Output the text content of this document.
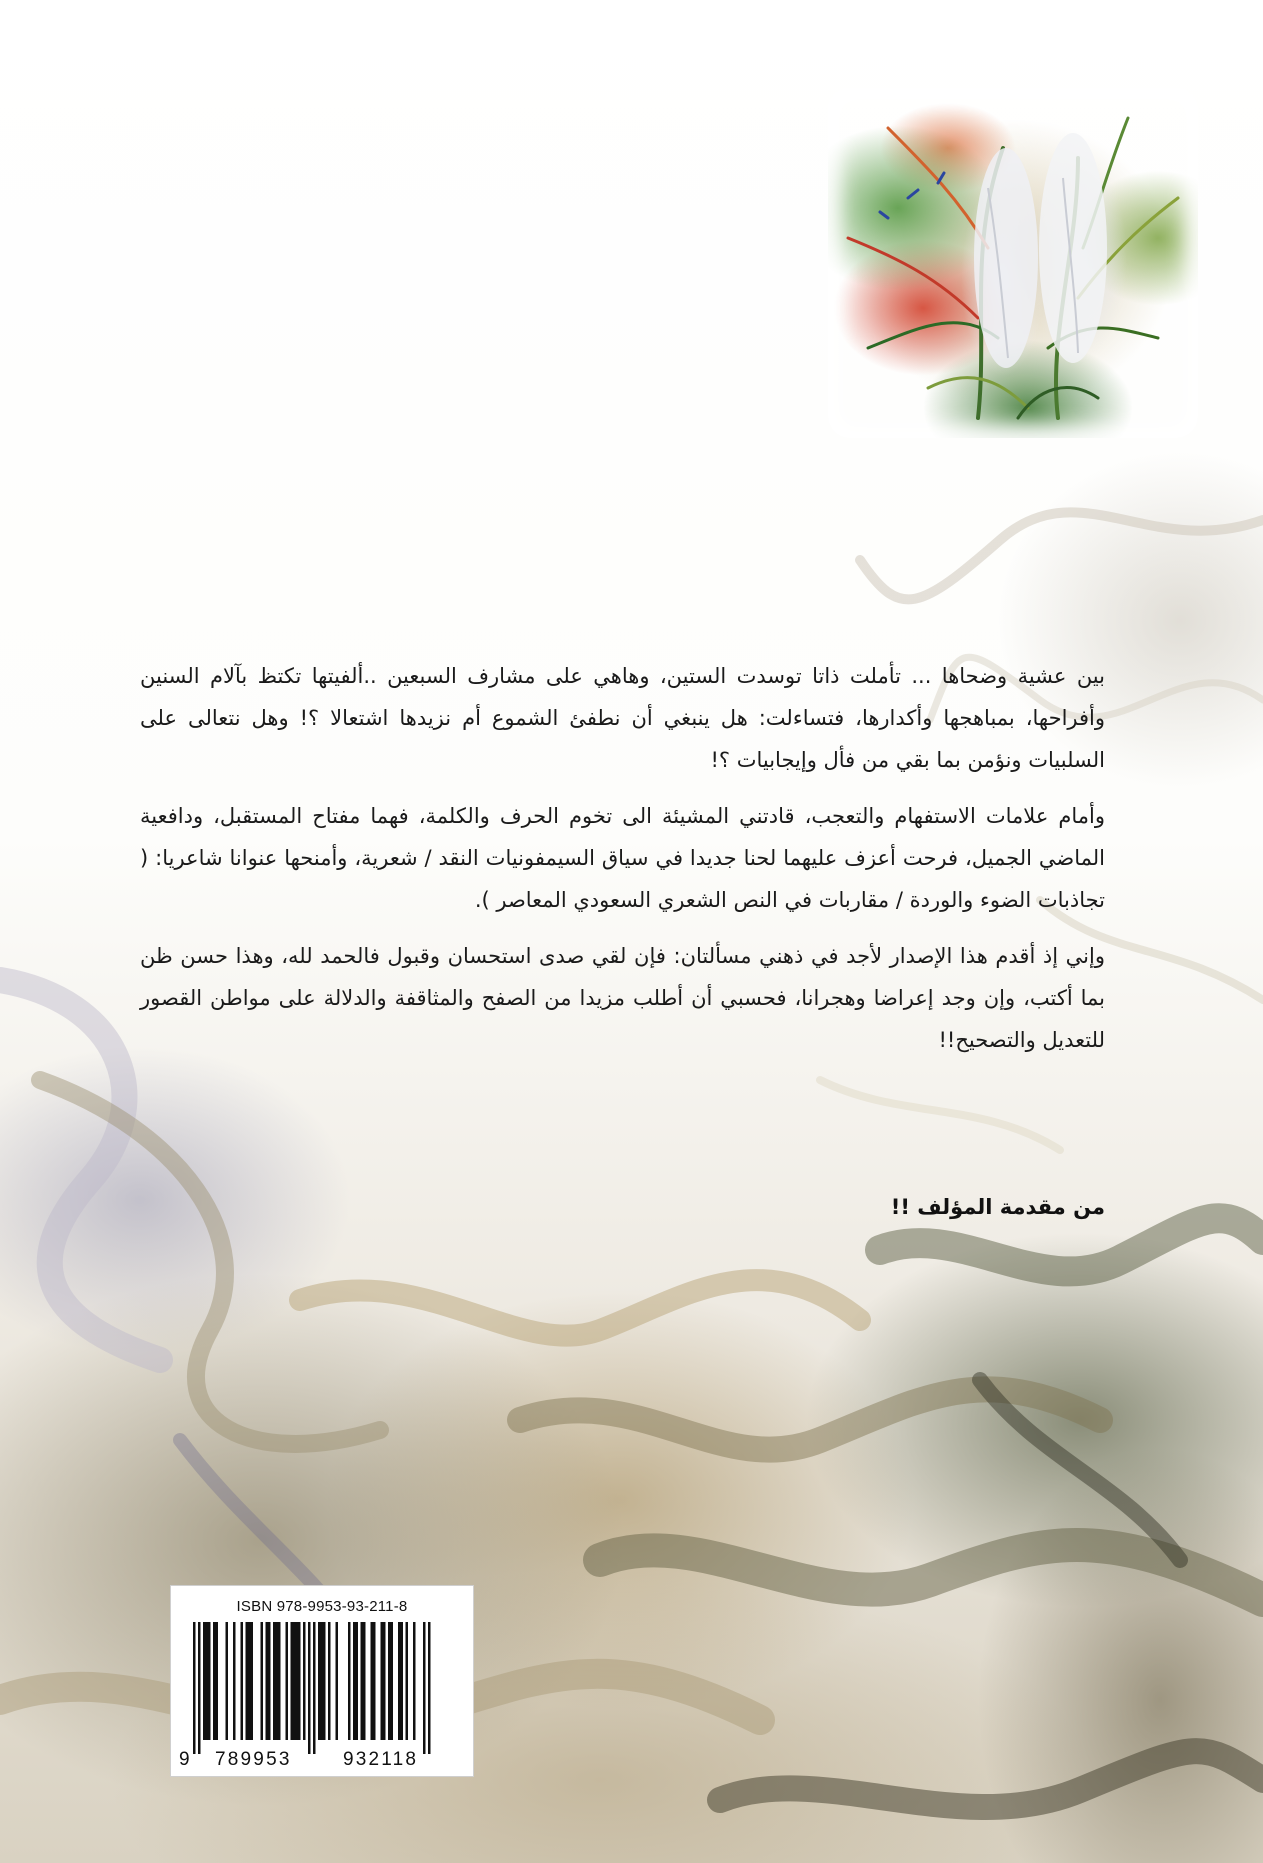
بين عشية وضحاها ... تأملت ذاتا توسدت الستين، وهاهي على مشارف السبعين ..ألفيتها تكتظ بآلام السنين وأفراحها، بمباهجها وأكدارها، فتساءلت: هل ينبغي أن نطفئ الشموع أم نزيدها اشتعالا ؟! وهل نتعالى على السلبيات ونؤمن بما بقي من فأل وإيجابيات ؟!

وأمام علامات الاستفهام والتعجب، قادتني المشيئة الى تخوم الحرف والكلمة، فهما مفتاح المستقبل، ودافعية الماضي الجميل، فرحت أعزف عليهما لحنا جديدا في سياق السيمفونيات النقد / شعرية، وأمنحها عنوانا شاعريا: ( تجاذبات الضوء والوردة / مقاربات في النص الشعري السعودي المعاصر ).

وإني إذ أقدم هذا الإصدار لأجد في ذهني مسألتان: فإن لقي صدى استحسان وقبول فالحمد لله، وهذا حسن ظن بما أكتب، وإن وجد إعراضا وهجرانا، فحسبي أن أطلب مزيدا من الصفح والمثاقفة والدلالة على مواطن القصور للتعديل والتصحيح!!

من مقدمة المؤلف !!
ISBN 978-9953-93-211-8
9 789953	932118
